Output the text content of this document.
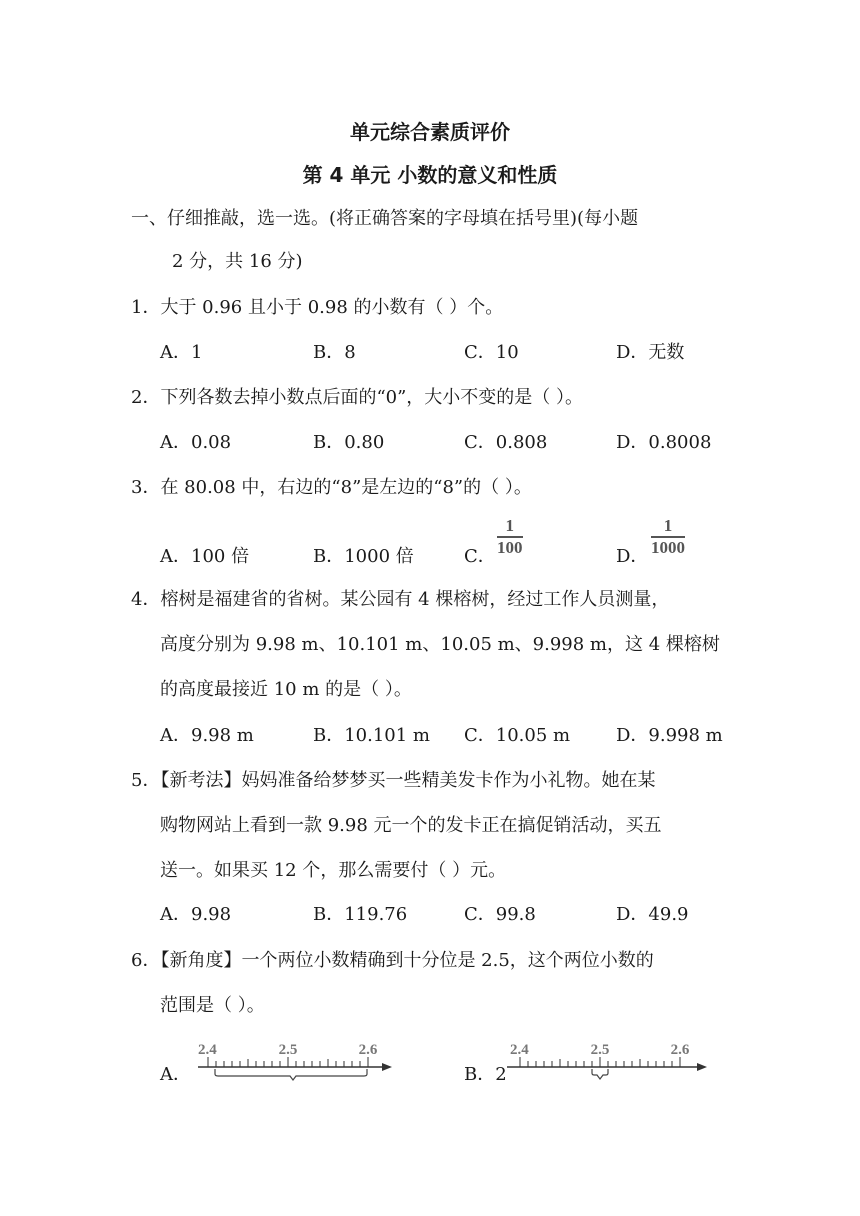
单元综合素质评价
第 4 单元 小数的意义和性质
一、仔细推敲，选一选。(将正确答案的字母填在括号里)(每小题
2 分，共 16 分)
1．大于 0.96 且小于 0.98 的小数有（ ）个。
A．1	B．8	C．10	D．无数
2．下列各数去掉小数点后面的“0”，大小不变的是（ ）。
A．0.08	B．0.80	C．0.808	D．0.8008
3．在 80.08 中，右边的“8”是左边的“8”的（ ）。
A．100 倍	B．1000 倍	C．
1
100	D．
1
1000
4．榕树是福建省的省树。某公园有 4 棵榕树，经过工作人员测量，
高度分别为 9.98 m、10.101 m、10.05 m、9.998 m，这 4 棵榕树
的高度最接近 10 m 的是（ ）。
A．9.98 m	B．10.101 m C．10.05 m	D．9.998 m
5．【新考法】妈妈准备给梦梦买一些精美发卡作为小礼物。她在某
购物网站上看到一款 9.98 元一个的发卡正在搞促销活动，买五
送一。如果买 12 个，那么需要付（ ）元。
A．9.98	B．119.76	C．99.8	D．49.9
6．【新角度】一个两位小数精确到十分位是 2.5，这个两位小数的
范围是（ ）。
A．
2.4	2.5	2.6
B．2
2.4	2.5	2.6
